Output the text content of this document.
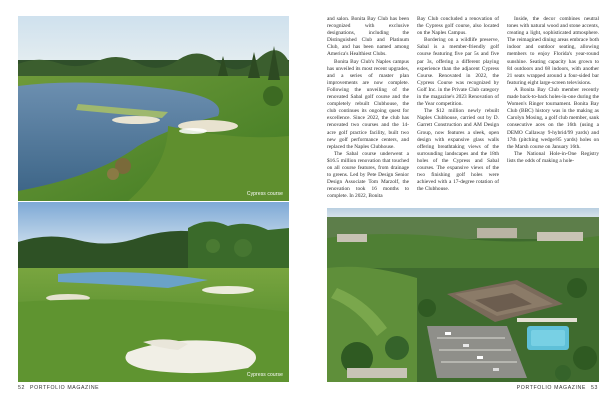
Cypress course
Cypress course

and salon. Bonita Bay Club has been recognized with exclusive designations, including the Distinguished Club and Platinum Club, and has been named among America's Healthiest Clubs.

Bonita Bay Club's Naples campus has unveiled its most recent upgrades, and a series of master plan improvements are now complete. Following the unveiling of the renovated Sabal golf course and the completely rebuilt Clubhouse, the club continues its ongoing quest for excellence. Since 2022, the club has renovated two courses and the 14-acre golf practice facility, built two new golf performance centers, and replaced the Naples Clubhouse.

The Sabal course underwent a $16.5 million renovation that touched on all course features, from drainage to greens. Led by Pete Design Senior Design Associate Tom Marzolf, the renovation took 16 months to complete. In 2022, Bonita

Bay Club concluded a renovation of the Cypress golf course, also located on the Naples Campus.

Bordering on a wildlife preserve, Sabal is a member-friendly golf course featuring five par 5s and five par 3s, offering a different playing experience than the adjacent Cypress Course. Renovated in 2022, the Cypress Course was recognized by Golf Inc. in the Private Club category in the magazine's 2023 Renovation of the Year competition.

The $12 million newly rebuilt Naples Clubhouse, carried out by D. Garrett Construction and AM Design Group, now features a sleek, open design with expansive glass walls offering breathtaking views of the surrounding landscapes and the 18th holes of the Cypress and Sabal courses. The expansive views of the two finishing golf holes were achieved with a 17-degree rotation of the Clubhouse.

Inside, the decor combines neutral tones with natural wood and stone accents, creating a light, sophisticated atmosphere. The reimagined dining areas embrace both indoor and outdoor seating, allowing members to enjoy Florida's year-round sunshine. Seating capacity has grown to 84 outdoors and 68 indoors, with another 21 seats wrapped around a four-sided bar featuring eight large-screen televisions.

A Bonita Bay Club member recently made back-to-back holes-in-one during the Women's Ringer tournament. Bonita Bay Club (BBC) history was in the making as Carolyn Mosing, a golf club member, sank consecutive aces on the 16th (using a DEMO Callaway 9-hybrid/99 yards) and 17th (pitching wedge/85 yards) holes on the Marsh course on January 16th.

The National Hole-in-One Registry lists the odds of making a hole-

52 PORTFOLIO MAGAZINE	PORTFOLIO MAGAZINE 53
